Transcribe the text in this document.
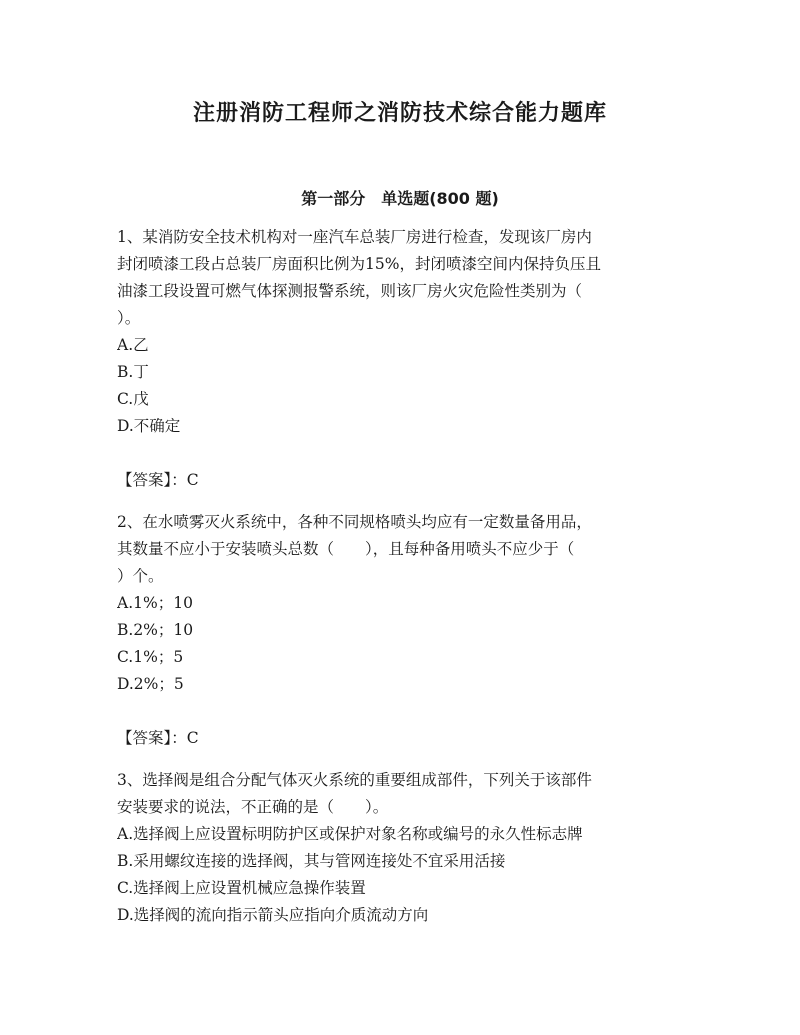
注册消防工程师之消防技术综合能力题库
第一部分　单选题(800 题)
1、某消防安全技术机构对一座汽车总装厂房进行检查，发现该厂房内
封闭喷漆工段占总装厂房面积比例为15%，封闭喷漆空间内保持负压且
油漆工段设置可燃气体探测报警系统，则该厂房火灾危险性类别为（
）。
A.乙
B.丁
C.戊
D.不确定
【答案】：C
2、在水喷雾灭火系统中，各种不同规格喷头均应有一定数量备用品，
其数量不应小于安装喷头总数（　　），且每种备用喷头不应少于（
）个。
A.1%；10
B.2%；10
C.1%；5
D.2%；5
【答案】：C
3、选择阀是组合分配气体灭火系统的重要组成部件，下列关于该部件
安装要求的说法，不正确的是（　　）。
A.选择阀上应设置标明防护区或保护对象名称或编号的永久性标志牌
B.采用螺纹连接的选择阀，其与管网连接处不宜采用活接
C.选择阀上应设置机械应急操作装置
D.选择阀的流向指示箭头应指向介质流动方向
